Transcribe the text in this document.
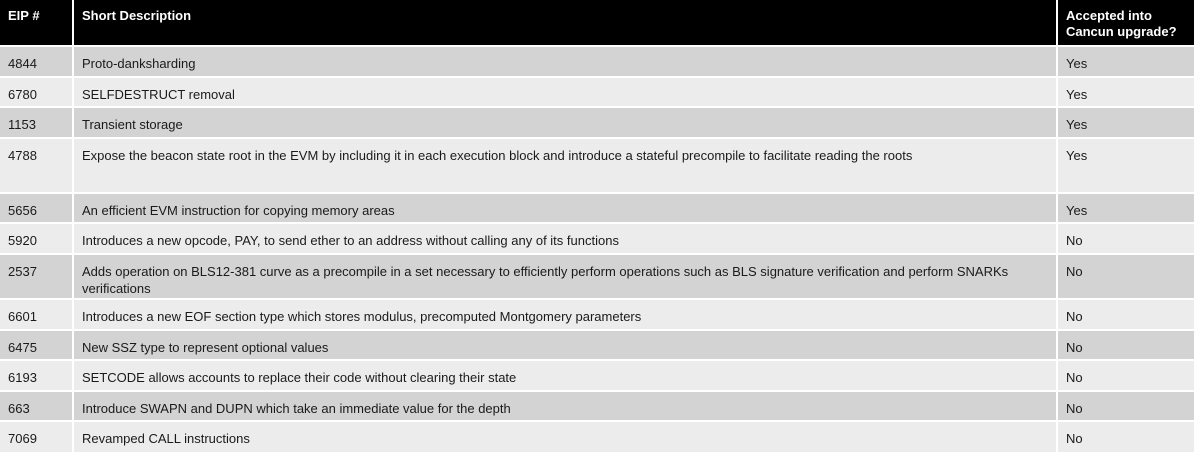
EIP #	Short Description	Accepted into Cancun upgrade?
4844	Proto-danksharding	Yes
6780	SELFDESTRUCT removal	Yes
1153	Transient storage	Yes
4788	Expose the beacon state root in the EVM by including it in each execution block and introduce a stateful precompile to facilitate reading the roots	Yes
5656	An efficient EVM instruction for copying memory areas	Yes
5920	Introduces a new opcode, PAY, to send ether to an address without calling any of its functions	No
2537	Adds operation on BLS12-381 curve as a precompile in a set necessary to efficiently perform operations such as BLS signature verification and perform SNARKs verifications	No
6601	Introduces a new EOF section type which stores modulus, precomputed Montgomery parameters	No
6475	New SSZ type to represent optional values	No
6193	SETCODE allows accounts to replace their code without clearing their state	No
663	Introduce SWAPN and DUPN which take an immediate value for the depth	No
7069	Revamped CALL instructions	No
